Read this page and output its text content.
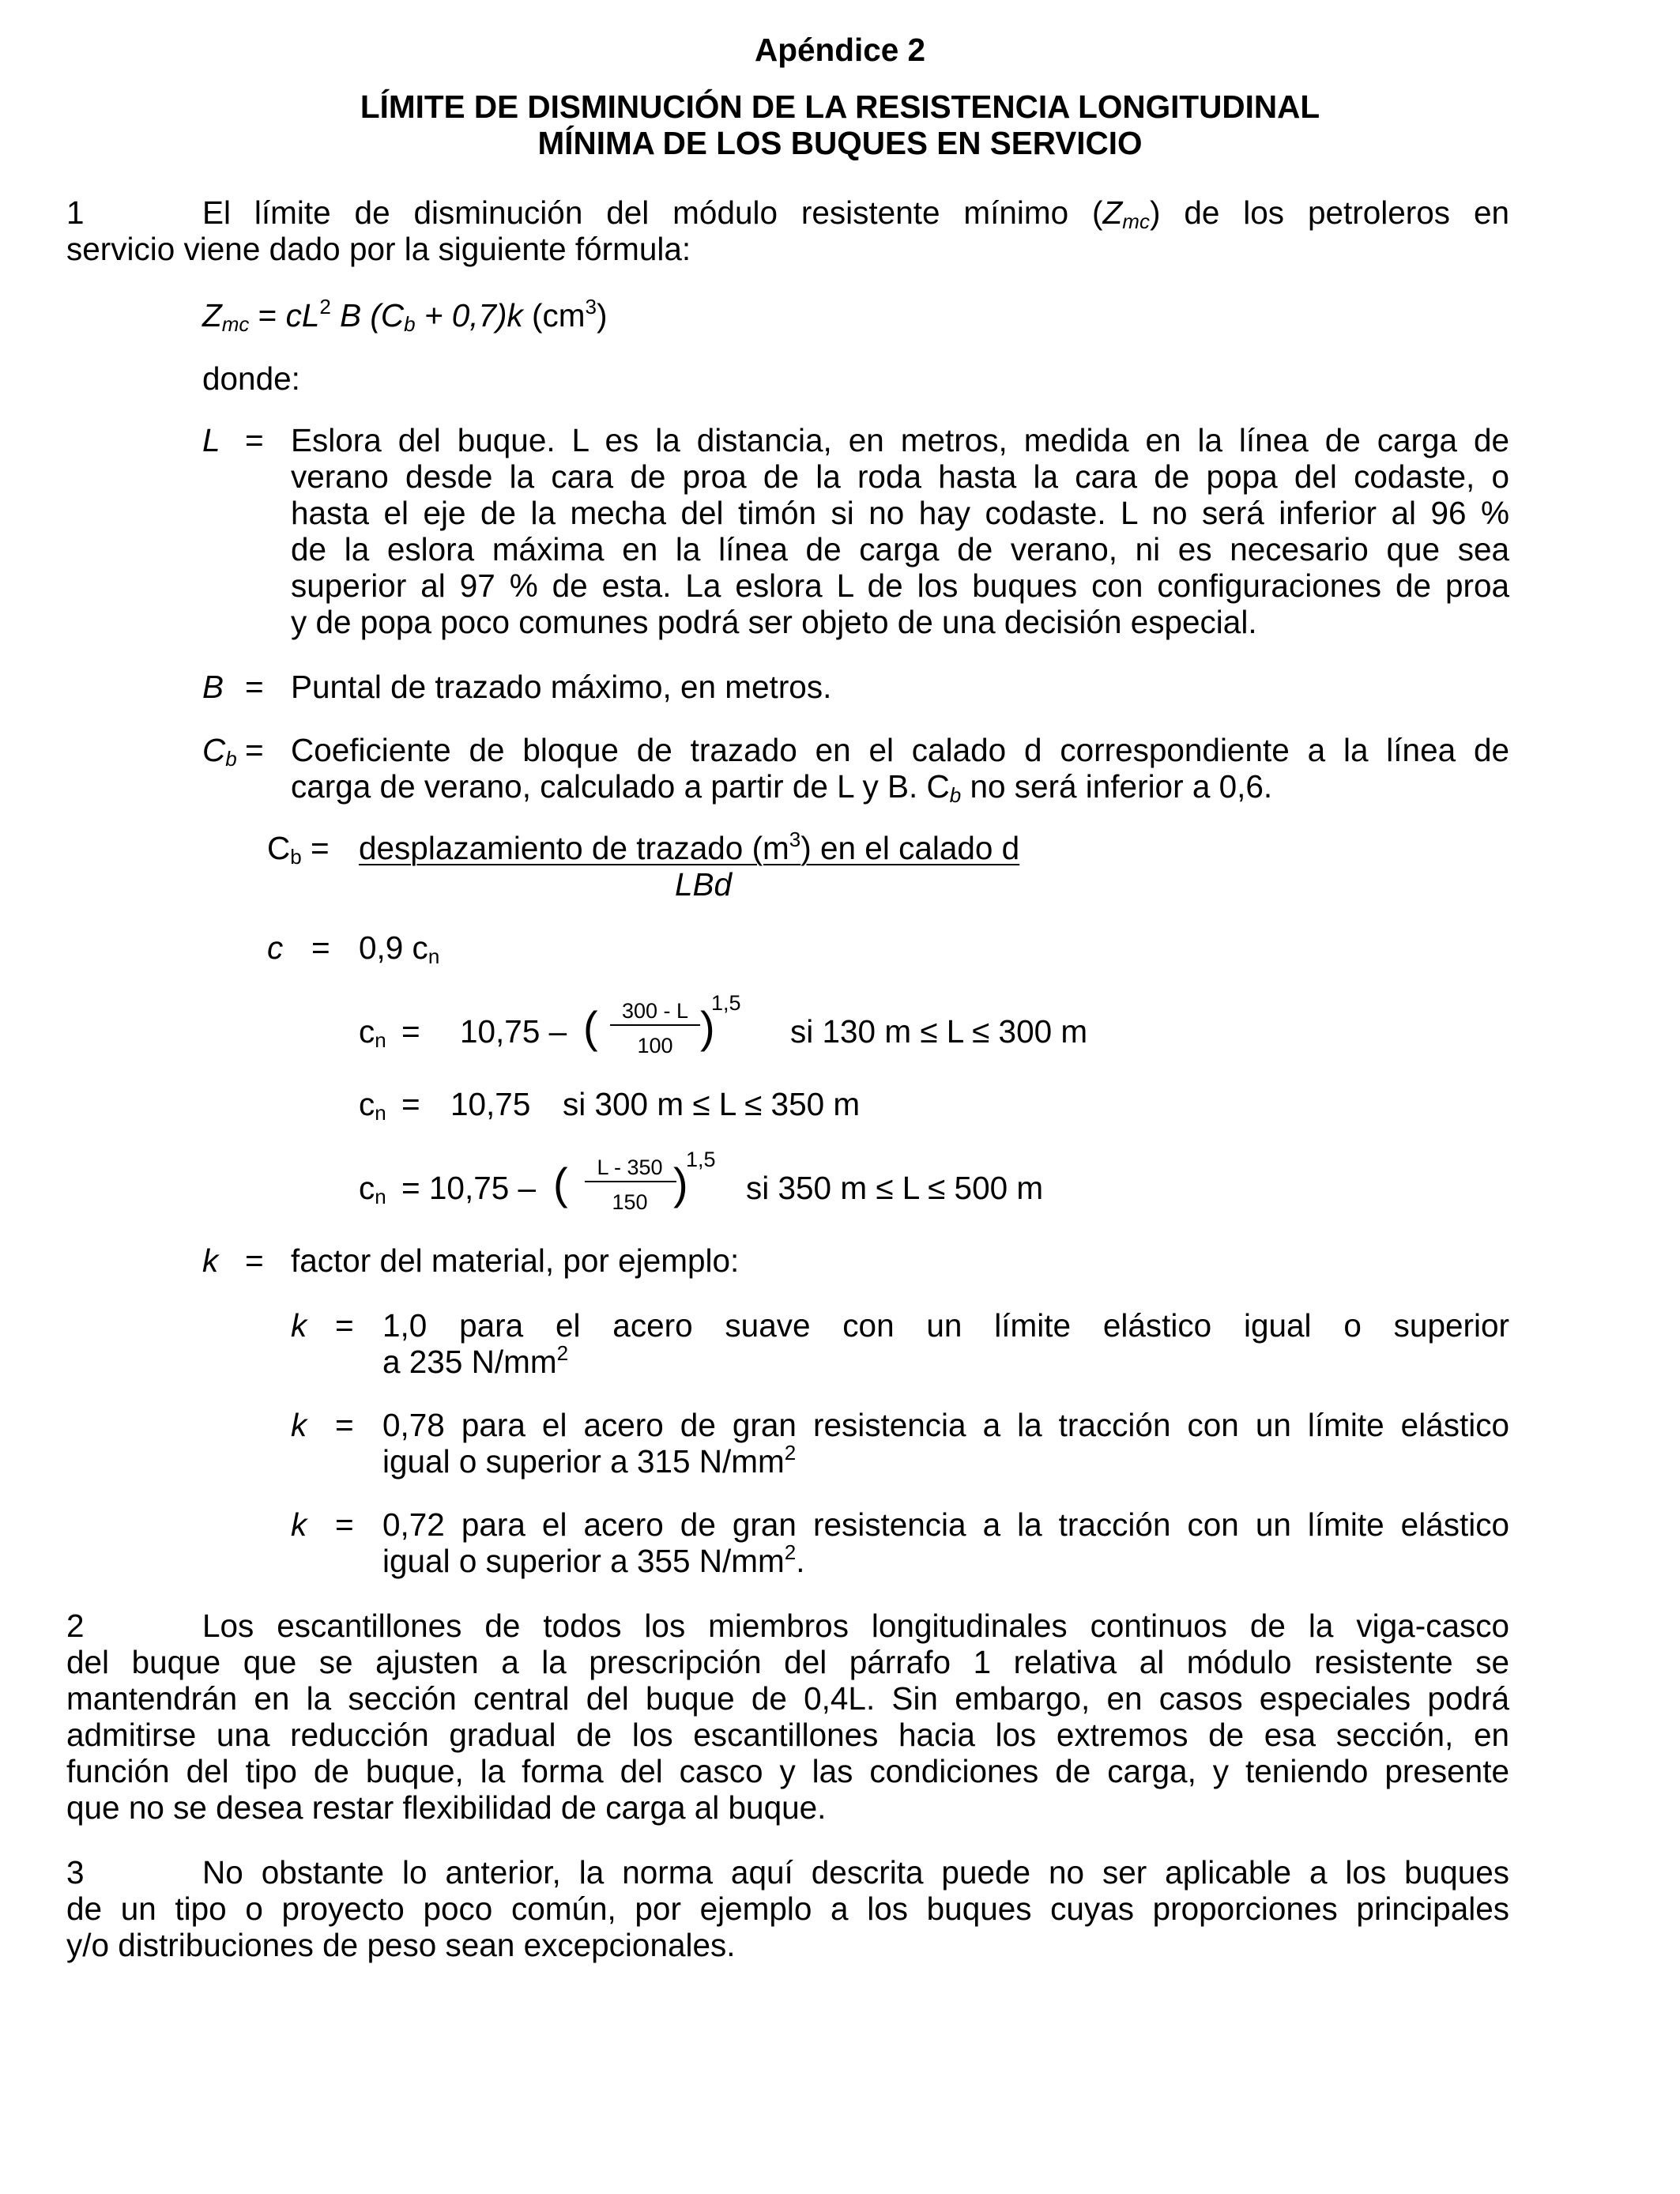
Apéndice 2
LÍMITE DE DISMINUCIÓN DE LA RESISTENCIA LONGITUDINAL
MÍNIMA DE LOS BUQUES EN SERVICIO
1	El límite de disminución del módulo resistente mínimo $(Z_{mc})$ de los petroleros en
servicio viene dado por la siguiente fórmula:
$Z_{mc} = cL^2$ B $(C_b + 0,7)k$ $(cm^3)$
donde:
L = Eslora del buque. L es la distancia, en metros, medida en la línea de carga de
verano desde la cara de proa de la roda hasta la cara de popa del codaste, o
hasta el eje de la mecha del timón si no hay codaste. L no será inferior al 96 %
de la eslora máxima en la línea de carga de verano, ni es necesario que sea
superior al 97 % de esta. La eslora L de los buques con configuraciones de proa
y de popa poco comunes podrá ser objeto de una decisión especial.
B = Puntal de trazado máximo, en metros.
$C_b$ = Coeficiente de bloque de trazado en el calado d correspondiente a la línea de
carga de verano, calculado a partir de L y B. $C_b$ no será inferior a 0,6.
$C_b$ = desplazamiento de trazado $(m^3)$ en el calado d
LBd
c = 0,9 $c_n$
$c_n = 10,75$ – (	300 - L
100 )
1,5
si 130 m ≤ L ≤ 300 m
$c_n = 10,75$ si 300 m ≤ L ≤ 350 m
$c_n = 10,75$ – (	L - 350
150 )
1,5
si 350 m ≤ L ≤ 500 m
k = factor del material, por ejemplo:
k = 1,0 para el acero suave con un límite elástico igual o superior
a 235 $N/mm^2$
k = 0,78 para el acero de gran resistencia a la tracción con un límite elástico
igual o superior a 315 $N/mm^2$
k = 0,72 para el acero de gran resistencia a la tracción con un límite elástico
igual o superior a 355 $N/mm^2$.
2	Los escantillones de todos los miembros longitudinales continuos de la viga-casco
del buque que se ajusten a la prescripción del párrafo 1 relativa al módulo resistente se
mantendrán en la sección central del buque de 0,4L. Sin embargo, en casos especiales podrá
admitirse una reducción gradual de los escantillones hacia los extremos de esa sección, en
función del tipo de buque, la forma del casco y las condiciones de carga, y teniendo presente
que no se desea restar flexibilidad de carga al buque.
3	No obstante lo anterior, la norma aquí descrita puede no ser aplicable a los buques
de un tipo o proyecto poco común, por ejemplo a los buques cuyas proporciones principales
y/o distribuciones de peso sean excepcionales.
